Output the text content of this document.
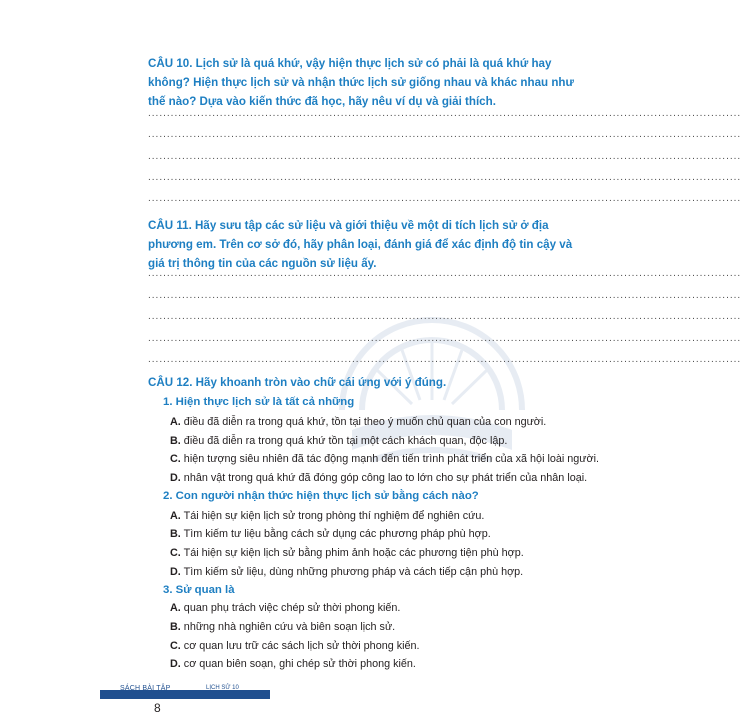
CÂU 10. Lịch sử là quá khứ, vậy hiện thực lịch sử có phải là quá khứ hay không? Hiện thực lịch sử và nhận thức lịch sử giống nhau và khác nhau như thế nào? Dựa vào kiến thức đã học, hãy nêu ví dụ và giải thích.
.............................................................................................................................................................
.............................................................................................................................................................
.............................................................................................................................................................
.............................................................................................................................................................
.............................................................................................................................................................
CÂU 11. Hãy sưu tập các sử liệu và giới thiệu về một di tích lịch sử ở địa phương em. Trên cơ sở đó, hãy phân loại, đánh giá để xác định độ tin cậy và giá trị thông tin của các nguồn sử liệu ấy.
.............................................................................................................................................................
.............................................................................................................................................................
.............................................................................................................................................................
.............................................................................................................................................................
.............................................................................................................................................................
CÂU 12. Hãy khoanh tròn vào chữ cái ứng với ý đúng.
1. Hiện thực lịch sử là tất cả những
A. điều đã diễn ra trong quá khứ, tồn tại theo ý muốn chủ quan của con người.
B. điều đã diễn ra trong quá khứ tồn tại một cách khách quan, độc lập.
C. hiện tượng siêu nhiên đã tác động mạnh đến tiến trình phát triển của xã hội loài người.
D. nhân vật trong quá khứ đã đóng góp công lao to lớn cho sự phát triển của nhân loại.
2. Con người nhận thức hiện thực lịch sử bằng cách nào?
A. Tái hiện sự kiện lịch sử trong phòng thí nghiệm để nghiên cứu.
B. Tìm kiếm tư liệu bằng cách sử dụng các phương pháp phù hợp.
C. Tái hiện sự kiện lịch sử bằng phim ảnh hoặc các phương tiện phù hợp.
D. Tìm kiếm sử liệu, dùng những phương pháp và cách tiếp cận phù hợp.
3. Sử quan là
A. quan phụ trách việc chép sử thời phong kiến.
B. những nhà nghiên cứu và biên soạn lịch sử.
C. cơ quan lưu trữ các sách lịch sử thời phong kiến.
D. cơ quan biên soạn, ghi chép sử thời phong kiến.
SÁCH BÀI TẬP	LỊCH SỬ 10
8
